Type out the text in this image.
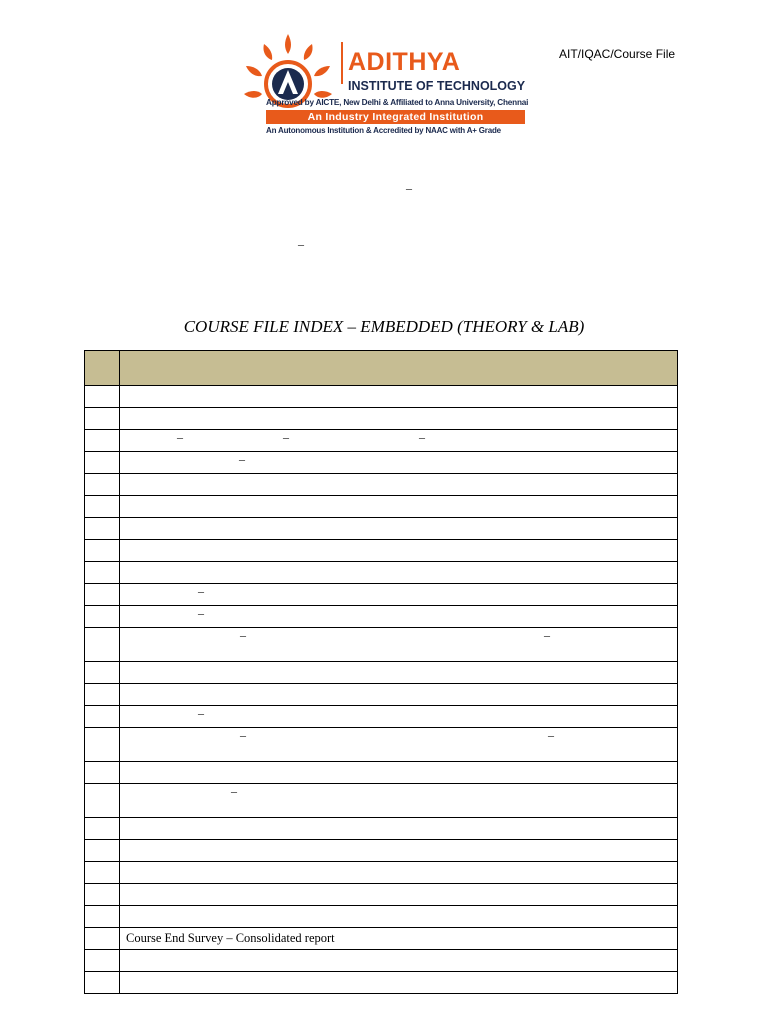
ADITHYA
INSTITUTE OF TECHNOLOGY
Approved by AICTE, New Delhi & Affiliated to Anna University, Chennai
An Industry Integrated Institution
An Autonomous Institution & Accredited by NAAC with A+ Grade
AIT/IQAC/Course File
–
–
COURSE FILE INDEX – EMBEDDED (THEORY & LAB)

	– – –

	–

	–

	–

	– –

	–

	– –

	–

	Course End Survey – Consolidated report
